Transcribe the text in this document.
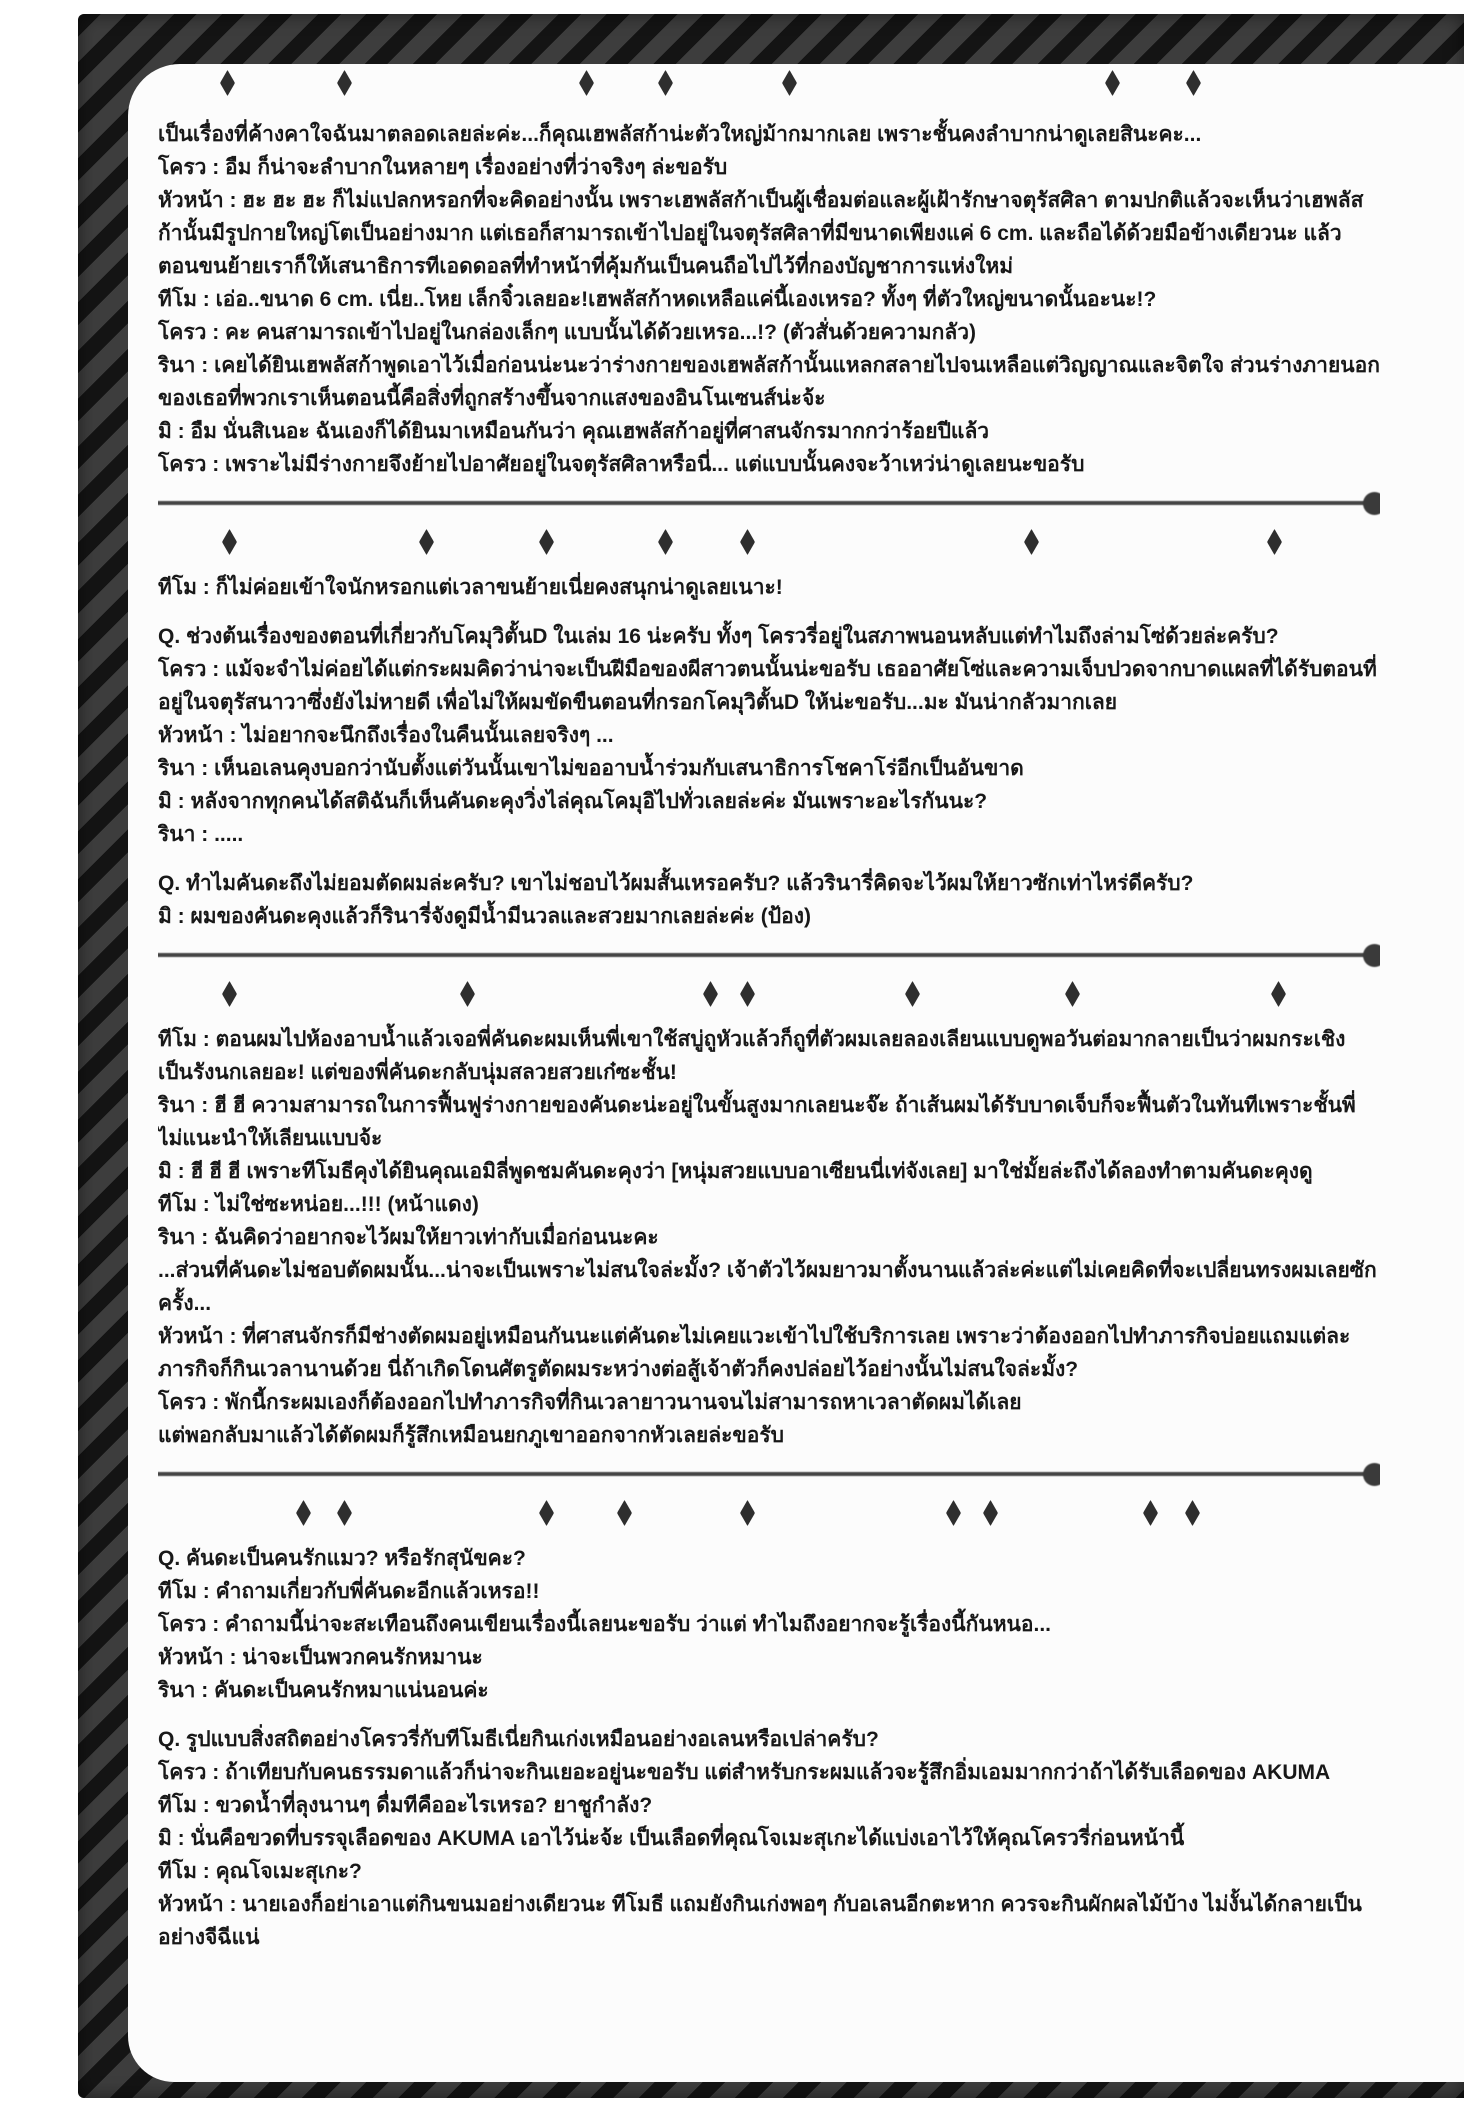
เป็นเรื่องที่ค้างคาใจฉันมาตลอดเลยล่ะค่ะ...ก็คุณเฮพลัสก้าน่ะตัวใหญ่ม้ากมากเลย เพราะชั้นคงลำบากน่าดูเลยสินะคะ...

โครว : อืม ก็น่าจะลำบากในหลายๆ เรื่องอย่างที่ว่าจริงๆ ล่ะขอรับ

หัวหน้า : ฮะ ฮะ ฮะ ก็ไม่แปลกหรอกที่จะคิดอย่างนั้น เพราะเฮพลัสก้าเป็นผู้เชื่อมต่อและผู้เฝ้ารักษาจตุรัสศิลา ตามปกติแล้วจะเห็นว่าเฮพลัสก้านั้นมีรูปกายใหญ่โตเป็นอย่างมาก แต่เธอก็สามารถเข้าไปอยู่ในจตุรัสศิลาที่มีขนาดเพียงแค่ 6 cm. และถือได้ด้วยมือข้างเดียวนะ แล้วตอนขนย้ายเราก็ให้เสนาธิการทีเอดดอลที่ทำหน้าที่คุ้มกันเป็นคนถือไปไว้ที่กองบัญชาการแห่งใหม่

ทีโม : เอ่อ..ขนาด 6 cm. เนี่ย..โหย เล็กจิ๋วเลยอะ!เฮพลัสก้าหดเหลือแค่นี้เองเหรอ? ทั้งๆ ที่ตัวใหญ่ขนาดนั้นอะนะ!?

โครว : คะ คนสามารถเข้าไปอยู่ในกล่องเล็กๆ แบบนั้นได้ด้วยเหรอ...!? (ตัวสั่นด้วยความกลัว)

รินา : เคยได้ยินเฮพลัสก้าพูดเอาไว้เมื่อก่อนน่ะนะว่าร่างกายของเฮพลัสก้านั้นแหลกสลายไปจนเหลือแต่วิญญาณและจิตใจ ส่วนร่างภายนอกของเธอที่พวกเราเห็นตอนนี้คือสิ่งที่ถูกสร้างขึ้นจากแสงของอินโนเซนส์น่ะจ้ะ

มิ : อืม นั่นสิเนอะ ฉันเองก็ได้ยินมาเหมือนกันว่า คุณเฮพลัสก้าอยู่ที่ศาสนจักรมากกว่าร้อยปีแล้ว

โครว : เพราะไม่มีร่างกายจึงย้ายไปอาศัยอยู่ในจตุรัสศิลาหรือนี่... แต่แบบนั้นคงจะว้าเหว่น่าดูเลยนะขอรับ

ทีโม : ก็ไม่ค่อยเข้าใจนักหรอกแต่เวลาขนย้ายเนี่ยคงสนุกน่าดูเลยเนาะ!

Q. ช่วงต้นเรื่องของตอนที่เกี่ยวกับโคมุวิตั้นD ในเล่ม 16 น่ะครับ ทั้งๆ โครวรี่อยู่ในสภาพนอนหลับแต่ทำไมถึงล่ามโซ่ด้วยล่ะครับ?

โครว : แม้จะจำไม่ค่อยได้แต่กระผมคิดว่าน่าจะเป็นฝีมือของผีสาวตนนั้นน่ะขอรับ เธออาศัยโซ่และความเจ็บปวดจากบาดแผลที่ได้รับตอนที่อยู่ในจตุรัสนาวาซึ่งยังไม่หายดี เพื่อไม่ให้ผมขัดขืนตอนที่กรอกโคมุวิตั้นD ให้น่ะขอรับ...มะ มันน่ากลัวมากเลย

หัวหน้า : ไม่อยากจะนึกถึงเรื่องในคืนนั้นเลยจริงๆ ...

รินา : เห็นอเลนคุงบอกว่านับตั้งแต่วันนั้นเขาไม่ขออาบน้ำร่วมกับเสนาธิการโชคาโร่อีกเป็นอันขาด

มิ : หลังจากทุกคนได้สติฉันก็เห็นคันดะคุงวิ่งไล่คุณโคมุอิไปทั่วเลยล่ะค่ะ มันเพราะอะไรกันนะ?

รินา : .....

Q. ทำไมคันดะถึงไม่ยอมตัดผมล่ะครับ? เขาไม่ชอบไว้ผมสั้นเหรอครับ? แล้วรินารี่คิดจะไว้ผมให้ยาวซักเท่าไหร่ดีครับ?

มิ : ผมของคันดะคุงแล้วก็รินารี่จังดูมีน้ำมีนวลและสวยมากเลยล่ะค่ะ (ป้อง)

ทีโม : ตอนผมไปห้องอาบน้ำแล้วเจอพี่คันดะผมเห็นพี่เขาใช้สบู่ถูหัวแล้วก็ถูที่ตัวผมเลยลองเลียนแบบดูพอวันต่อมากลายเป็นว่าผมกระเชิงเป็นรังนกเลยอะ! แต่ของพี่คันดะกลับนุ่มสลวยสวยเก๋ซะชั้น!

รินา : ฮี ฮี ความสามารถในการฟื้นฟูร่างกายของคันดะน่ะอยู่ในขั้นสูงมากเลยนะจ๊ะ ถ้าเส้นผมได้รับบาดเจ็บก็จะฟื้นตัวในทันทีเพราะชั้นพี่ไม่แนะนำให้เลียนแบบจ้ะ

มิ : ฮี ฮี ฮี เพราะทีโมธีคุงได้ยินคุณเอมิลี่พูดชมคันดะคุงว่า [หนุ่มสวยแบบอาเซียนนี่เท่จังเลย] มาใช่มั้ยล่ะถึงได้ลองทำตามคันดะคุงดู

ทีโม : ไม่ใช่ซะหน่อย...!!! (หน้าแดง)

รินา : ฉันคิดว่าอยากจะไว้ผมให้ยาวเท่ากับเมื่อก่อนนะคะ

...ส่วนที่คันดะไม่ชอบตัดผมนั้น...น่าจะเป็นเพราะไม่สนใจล่ะมั้ง? เจ้าตัวไว้ผมยาวมาตั้งนานแล้วล่ะค่ะแต่ไม่เคยคิดที่จะเปลี่ยนทรงผมเลยซักครั้ง...

หัวหน้า : ที่ศาสนจักรก็มีช่างตัดผมอยู่เหมือนกันนะแต่คันดะไม่เคยแวะเข้าไปใช้บริการเลย เพราะว่าต้องออกไปทำภารกิจบ่อยแถมแต่ละภารกิจก็กินเวลานานด้วย นี่ถ้าเกิดโดนศัตรูตัดผมระหว่างต่อสู้เจ้าตัวก็คงปล่อยไว้อย่างนั้นไม่สนใจล่ะมั้ง?

โครว : พักนี้กระผมเองก็ต้องออกไปทำภารกิจที่กินเวลายาวนานจนไม่สามารถหาเวลาตัดผมได้เลย

แต่พอกลับมาแล้วได้ตัดผมก็รู้สึกเหมือนยกภูเขาออกจากหัวเลยล่ะขอรับ

Q. คันดะเป็นคนรักแมว? หรือรักสุนัขคะ?

ทีโม : คำถามเกี่ยวกับพี่คันดะอีกแล้วเหรอ!!

โครว : คำถามนี้น่าจะสะเทือนถึงคนเขียนเรื่องนี้เลยนะขอรับ ว่าแต่ ทำไมถึงอยากจะรู้เรื่องนี้กันหนอ...

หัวหน้า : น่าจะเป็นพวกคนรักหมานะ

รินา : คันดะเป็นคนรักหมาแน่นอนค่ะ

Q. รูปแบบสิ่งสถิตอย่างโครวรี่กับทีโมธีเนี่ยกินเก่งเหมือนอย่างอเลนหรือเปล่าครับ?

โครว : ถ้าเทียบกับคนธรรมดาแล้วก็น่าจะกินเยอะอยู่นะขอรับ แต่สำหรับกระผมแล้วจะรู้สึกอิ่มเอมมากกว่าถ้าได้รับเลือดของ AKUMA

ทีโม : ขวดน้ำที่ลุงนานๆ ดื่มทีคืออะไรเหรอ? ยาชูกำลัง?

มิ : นั่นคือขวดที่บรรจุเลือดของ AKUMA เอาไว้น่ะจ้ะ เป็นเลือดที่คุณโจเมะสุเกะได้แบ่งเอาไว้ให้คุณโครวรี่ก่อนหน้านี้

ทีโม : คุณโจเมะสุเกะ?

หัวหน้า : นายเองก็อย่าเอาแต่กินขนมอย่างเดียวนะ ทีโมธี แถมยังกินเก่งพอๆ กับอเลนอีกตะหาก ควรจะกินผักผลไม้บ้าง ไม่งั้นได้กลายเป็นอย่างจีฉีแน่
